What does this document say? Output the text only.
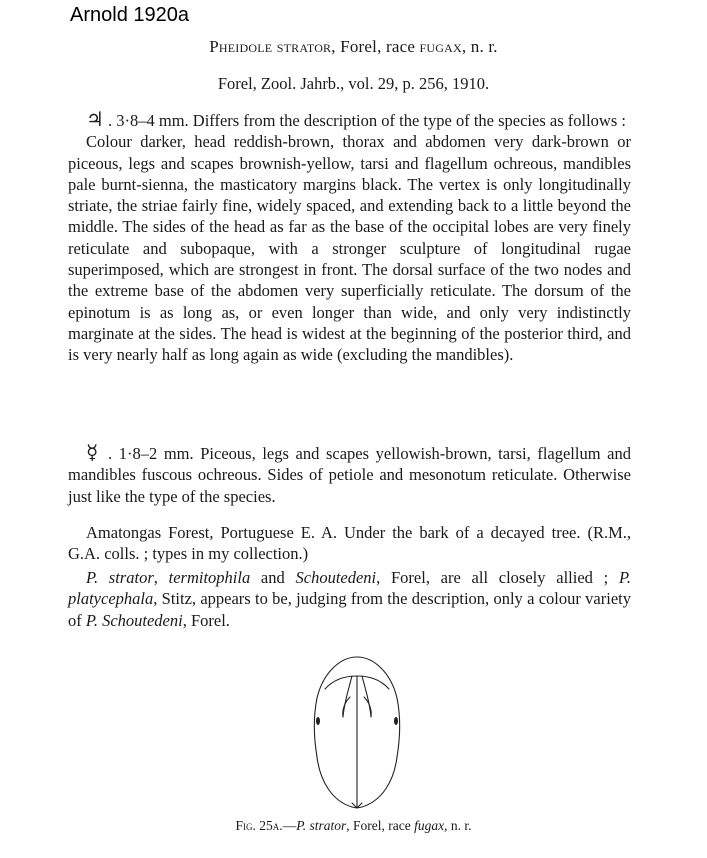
Arnold 1920a
Pheidole strator, Forel, race fugax, n. r.
Forel, Zool. Jahrb., vol. 29, p. 256, 1910.
♃ . 3·8–4 mm. Differs from the description of the type of the species as follows :
Colour darker, head reddish-brown, thorax and abdomen very dark-brown or piceous, legs and scapes brownish-yellow, tarsi and flagellum ochreous, mandibles pale burnt-sienna, the masticatory margins black. The vertex is only longitudinally striate, the striae fairly fine, widely spaced, and extending back to a little beyond the middle. The sides of the head as far as the base of the occipital lobes are very finely reticulate and subopaque, with a stronger sculpture of longitudinal rugae superimposed, which are strongest in front. The dorsal surface of the two nodes and the extreme base of the abdomen very superficially reticulate. The dorsum of the epinotum is as long as, or even longer than wide, and only very indistinctly marginate at the sides. The head is widest at the beginning of the posterior third, and is very nearly half as long again as wide (excluding the mandibles).
☿ . 1·8–2 mm. Piceous, legs and scapes yellowish-brown, tarsi, flagellum and mandibles fuscous ochreous. Sides of petiole and mesonotum reticulate. Otherwise just like the type of the species.
Amatongas Forest, Portuguese E. A. Under the bark of a decayed tree. (R.M., G.A. colls. ; types in my collection.)
P. strator, termitophila and Schoutedeni, Forel, are all closely allied ; P. platycephala, Stitz, appears to be, judging from the description, only a colour variety of P. Schoutedeni, Forel.
Fig. 25a.—P. strator, Forel, race fugax, n. r.
